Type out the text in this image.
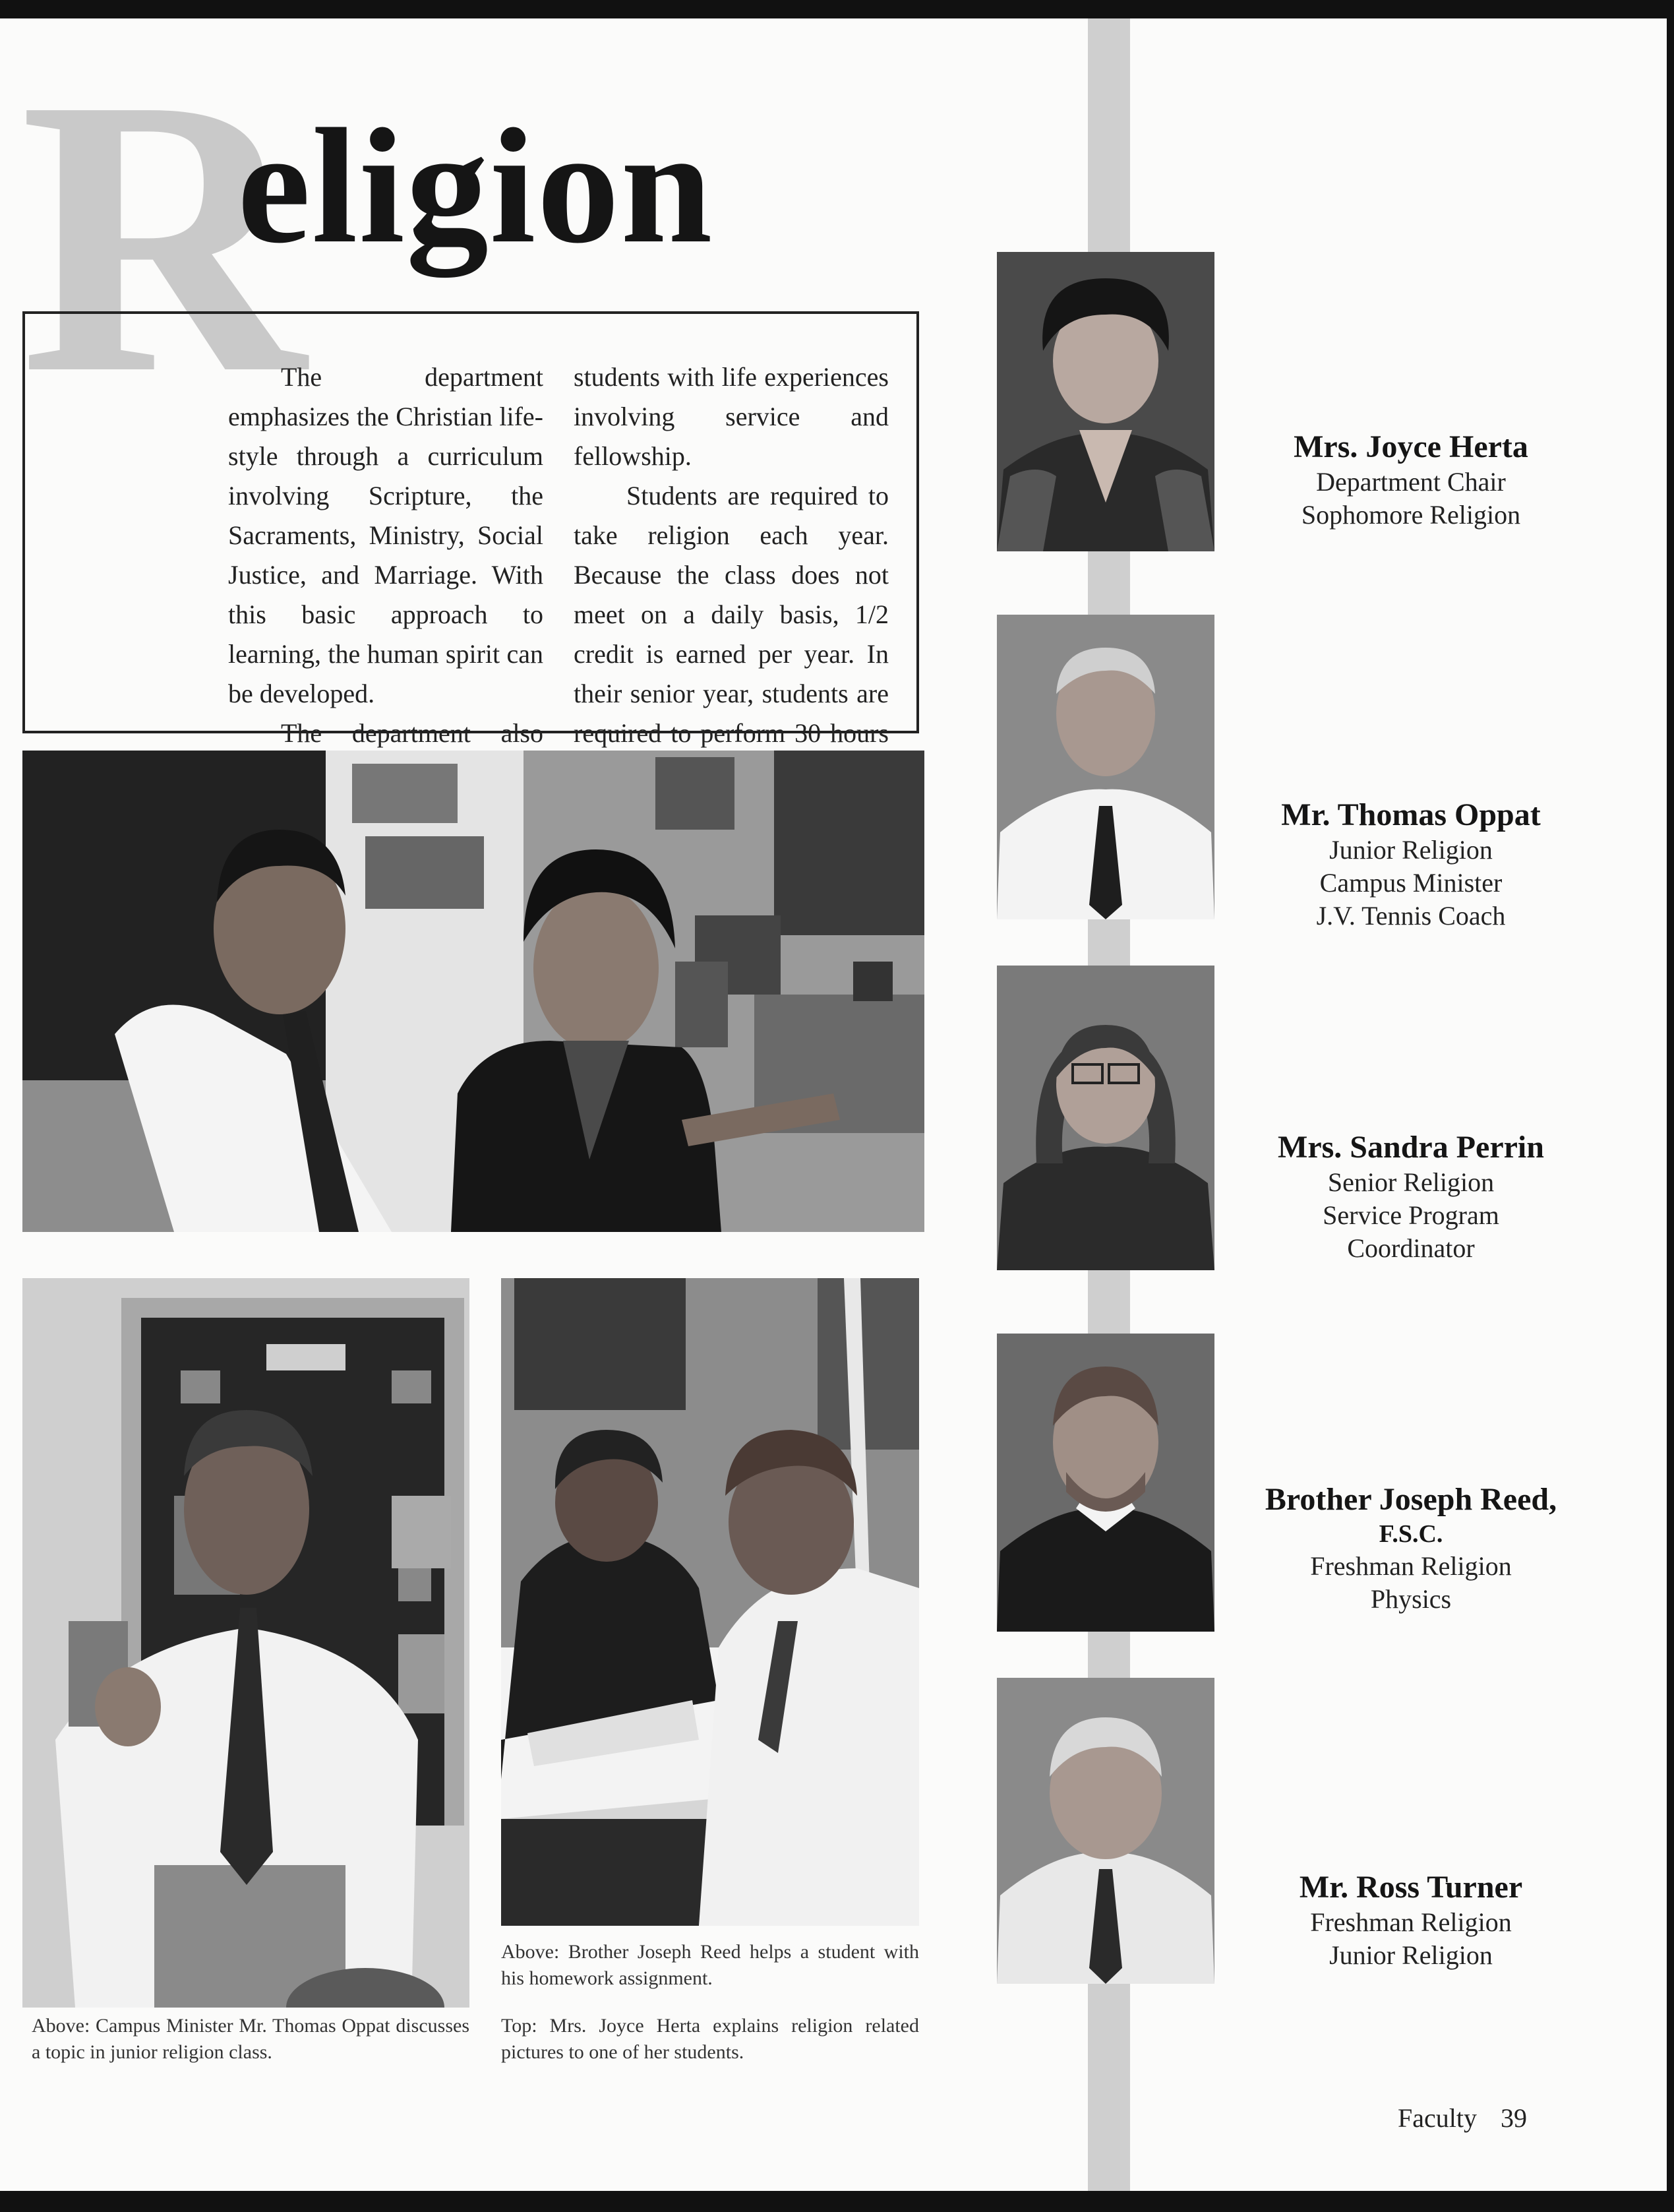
R
eligion

The department emphasizes the Christian life-style through a curriculum involving Scripture, the Sacraments, Ministry, Social Justice, and Marriage. With this basic approach to learning, the human spirit can be developed.

The department also

students with life experiences involving service and fellowship.

Students are required to take religion each year. Because the class does not meet on a daily basis, 1/2 credit is earned per year. In their senior year, students are required to perform 30 hours

Above: Brother Joseph Reed helps a student with his homework assignment.

Above: Campus Minister Mr. Thomas Oppat discusses a topic in junior religion class.

Top: Mrs. Joyce Herta explains religion related pictures to one of her students.

Mrs. Joyce Herta

Department Chair
Sophomore Religion

Mr. Thomas Oppat

Junior Religion
Campus Minister
J.V. Tennis Coach

Mrs. Sandra Perrin

Senior Religion
Service Program
Coordinator

Brother Joseph Reed,

F.S.C.
Freshman Religion
Physics

Mr. Ross Turner

Freshman Religion
Junior Religion
Faculty 39
